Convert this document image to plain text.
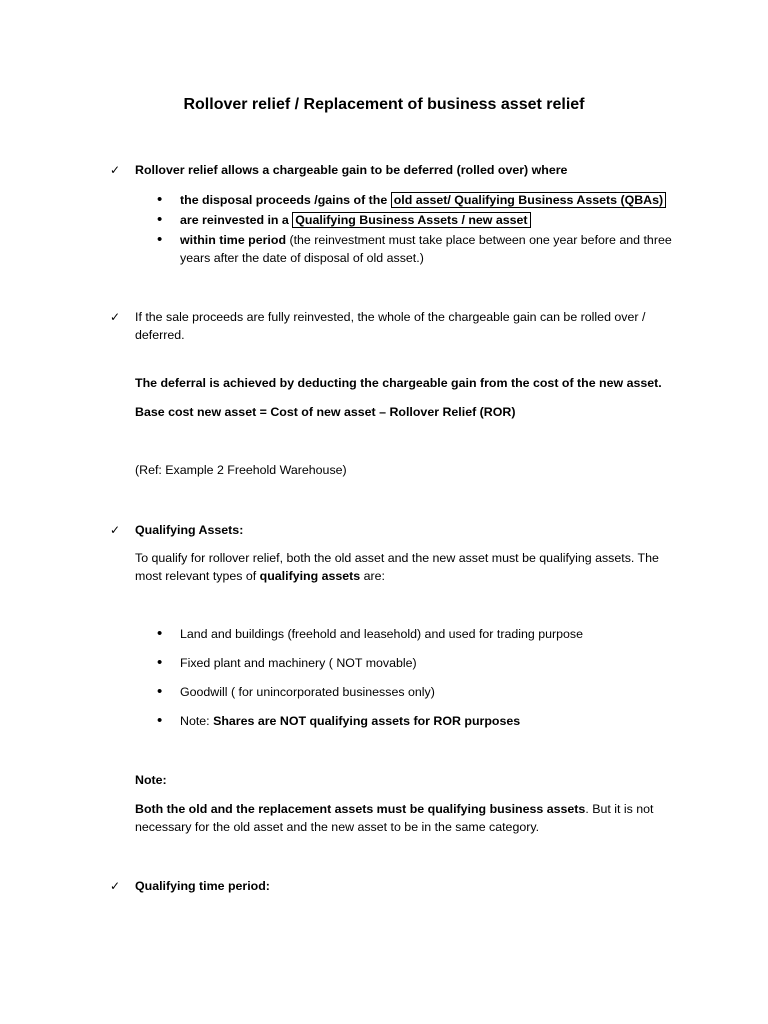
Rollover relief / Replacement of business asset relief
✓ Rollover relief allows a chargeable gain to be deferred (rolled over) where
• the disposal proceeds /gains of the old asset/ Qualifying Business Assets (QBAs)
• are reinvested in a Qualifying Business Assets / new asset
• within time period (the reinvestment must take place between one year before and three years after the date of disposal of old asset.)
✓ If the sale proceeds are fully reinvested, the whole of the chargeable gain can be rolled over / deferred.
The deferral is achieved by deducting the chargeable gain from the cost of the new asset.
Base cost new asset = Cost of new asset – Rollover Relief (ROR)
(Ref: Example 2 Freehold Warehouse)
✓ Qualifying Assets:
To qualify for rollover relief, both the old asset and the new asset must be qualifying assets. The most relevant types of qualifying assets are:
• Land and buildings (freehold and leasehold) and used for trading purpose
• Fixed plant and machinery ( NOT movable)
• Goodwill ( for unincorporated businesses only)
• Note: Shares are NOT qualifying assets for ROR purposes
Note:
Both the old and the replacement assets must be qualifying business assets. But it is not necessary for the old asset and the new asset to be in the same category.
✓ Qualifying time period:
